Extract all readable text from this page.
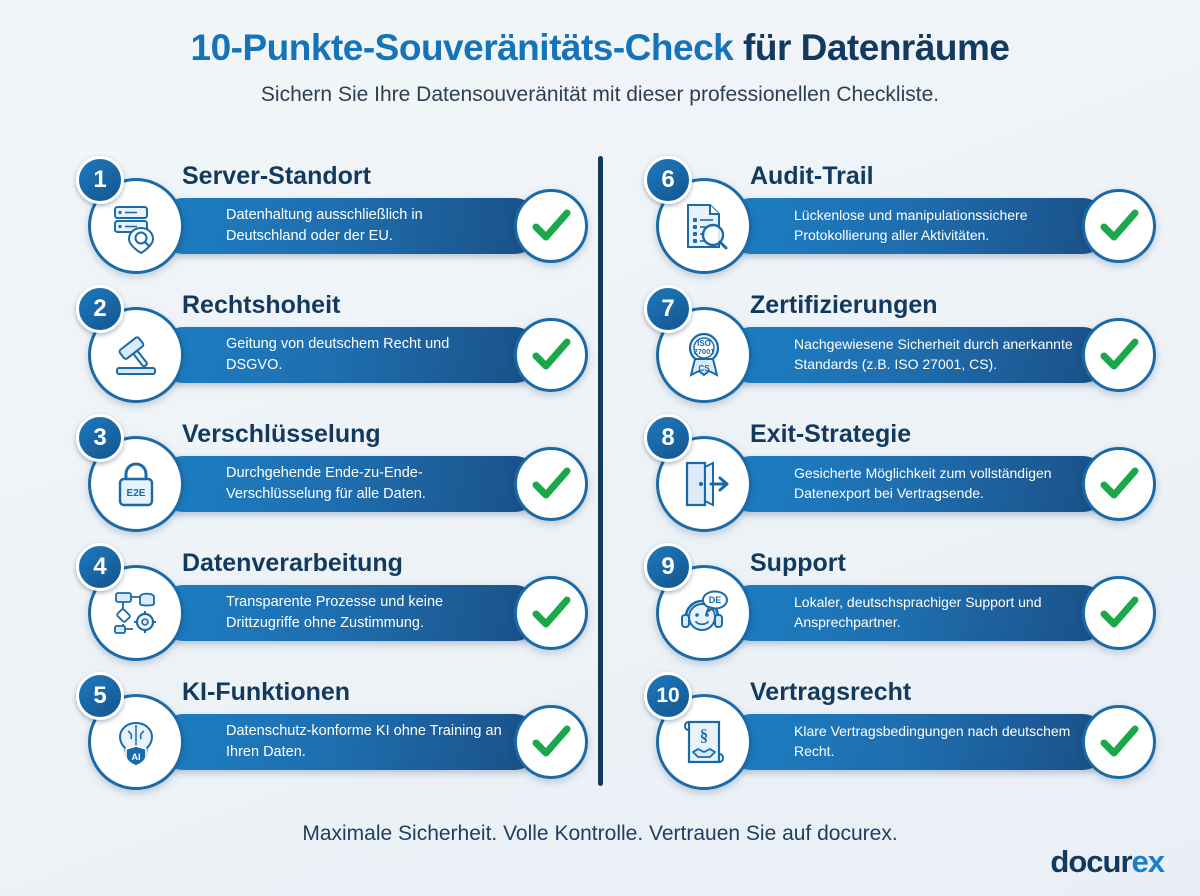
10-Punkte-Souveränitäts-Check für Datenräume
Sichern Sie Ihre Datensouveränität mit dieser professionellen Checkliste.
1	Server-Standort
Datenhaltung ausschließlich in Deutschland oder der EU.
2	Rechtshoheit
Geitung von deutschem Recht und DSGVO.
E2E
3	Verschlüsselung
Durchgehende Ende-zu-Ende-Verschlüsselung für alle Daten.
4	Datenverarbeitung
Transparente Prozesse und keine Drittzugriffe ohne Zustimmung.
AI
5	KI-Funktionen
Datenschutz-konforme KI ohne Training an Ihren Daten.
6	Audit-Trail
Lückenlose und manipulationssichere Protokollierung aller Aktivitäten.
ISO
27001
CS
7	Zertifizierungen
Nachgewiesene Sicherheit durch anerkannte Standards (z.B. ISO 27001, CS).
8	Exit-Strategie
Gesicherte Möglichkeit zum vollständigen Datenexport bei Vertragsende.
DE
9	Support
Lokaler, deutschsprachiger Support und Ansprechpartner.
§
10	Vertragsrecht
Klare Vertragsbedingungen nach deutschem Recht.
Maximale Sicherheit. Volle Kontrolle. Vertrauen Sie auf docurex.
docurex
